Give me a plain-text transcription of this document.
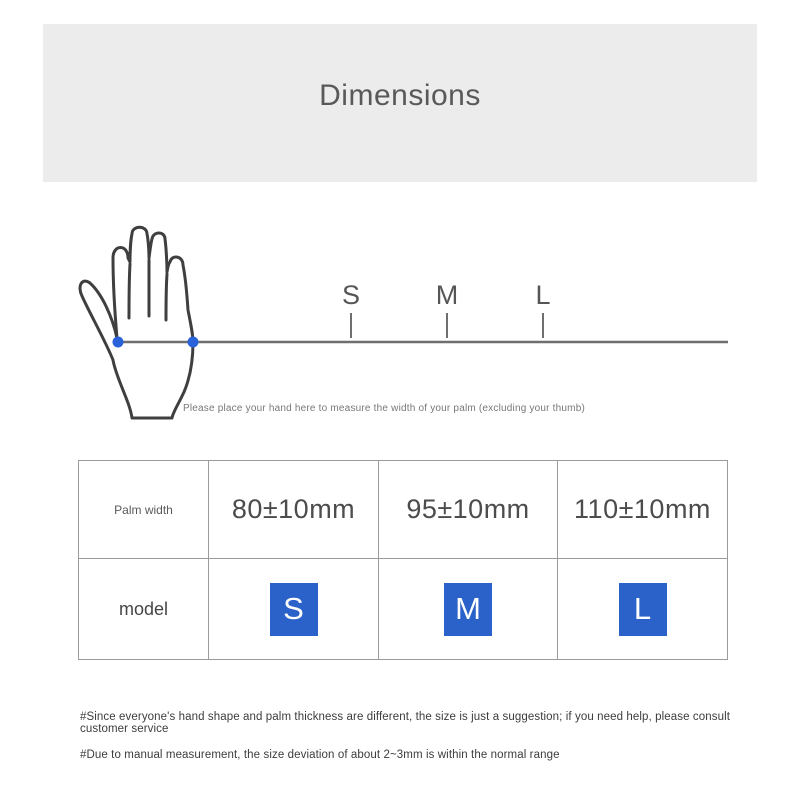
Dimensions
S	M	L
Please place your hand here to measure the width of your palm (excluding your thumb)
Palm width	80±10mm	95±10mm	110±10mm
model	S	M	L
#Since everyone's hand shape and palm thickness are different, the size is just a suggestion; if you need help, please consult customer service
#Due to manual measurement, the size deviation of about 2~3mm is within the normal range
